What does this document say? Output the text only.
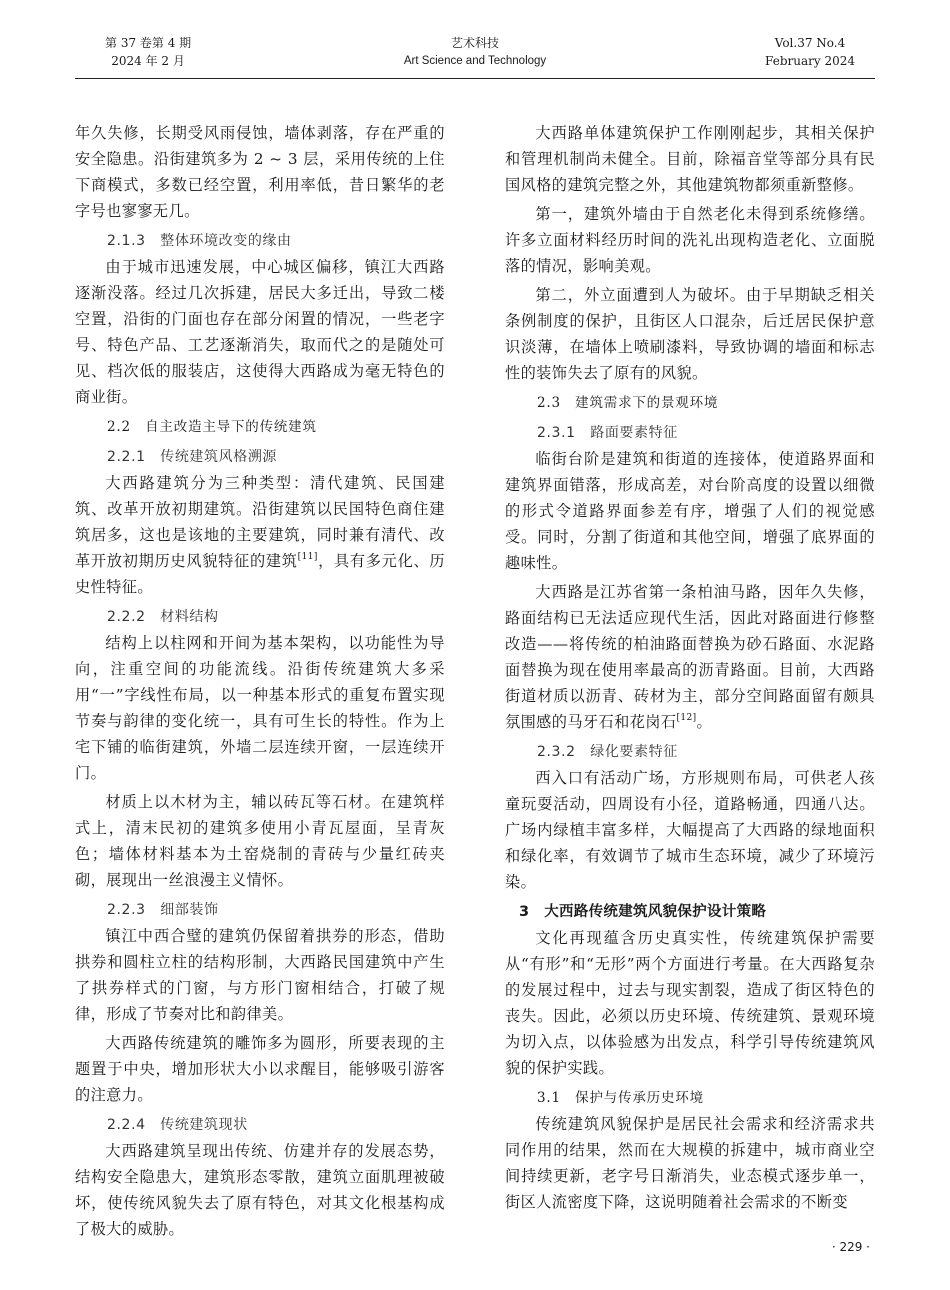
第 37 卷第 4 期
2024 年 2 月
艺术科技
Art Science and Technology
Vol.37 No.4
February 2024

年久失修，长期受风雨侵蚀，墙体剥落，存在严重的安全隐患。沿街建筑多为 2 ~ 3 层，采用传统的上住下商模式，多数已经空置，利用率低，昔日繁华的老字号也寥寥无几。

2.1.3　整体环境改变的缘由

由于城市迅速发展，中心城区偏移，镇江大西路逐渐没落。经过几次拆建，居民大多迁出，导致二楼空置，沿街的门面也存在部分闲置的情况，一些老字号、特色产品、工艺逐渐消失，取而代之的是随处可见、档次低的服装店，这使得大西路成为毫无特色的商业街。

2.2　自主改造主导下的传统建筑
2.2.1　传统建筑风格溯源

大西路建筑分为三种类型：清代建筑、民国建筑、改革开放初期建筑。沿街建筑以民国特色商住建筑居多，这也是该地的主要建筑，同时兼有清代、改革开放初期历史风貌特征的建筑[11]，具有多元化、历史性特征。

2.2.2　材料结构

结构上以柱网和开间为基本架构，以功能性为导向，注重空间的功能流线。沿街传统建筑大多采用“一”字线性布局，以一种基本形式的重复布置实现节奏与韵律的变化统一，具有可生长的特性。作为上宅下铺的临街建筑，外墙二层连续开窗，一层连续开门。

材质上以木材为主，辅以砖瓦等石材。在建筑样式上，清末民初的建筑多使用小青瓦屋面，呈青灰色；墙体材料基本为土窑烧制的青砖与少量红砖夹砌，展现出一丝浪漫主义情怀。

2.2.3　细部装饰

镇江中西合璧的建筑仍保留着拱券的形态，借助拱券和圆柱立柱的结构形制，大西路民国建筑中产生了拱券样式的门窗，与方形门窗相结合，打破了规律，形成了节奏对比和韵律美。

大西路传统建筑的雕饰多为圆形，所要表现的主题置于中央，增加形状大小以求醒目，能够吸引游客的注意力。

2.2.4　传统建筑现状

大西路建筑呈现出传统、仿建并存的发展态势，结构安全隐患大，建筑形态零散，建筑立面肌理被破坏，使传统风貌失去了原有特色，对其文化根基构成了极大的威胁。

大西路单体建筑保护工作刚刚起步，其相关保护和管理机制尚未健全。目前，除福音堂等部分具有民国风格的建筑完整之外，其他建筑物都须重新整修。

第一，建筑外墙由于自然老化未得到系统修缮。许多立面材料经历时间的洗礼出现构造老化、立面脱落的情况，影响美观。

第二，外立面遭到人为破坏。由于早期缺乏相关条例制度的保护，且街区人口混杂，后迁居民保护意识淡薄，在墙体上喷刷漆料，导致协调的墙面和标志性的装饰失去了原有的风貌。

2.3　建筑需求下的景观环境
2.3.1　路面要素特征

临街台阶是建筑和街道的连接体，使道路界面和建筑界面错落，形成高差，对台阶高度的设置以细微的形式令道路界面参差有序，增强了人们的视觉感受。同时，分割了街道和其他空间，增强了底界面的趣味性。

大西路是江苏省第一条柏油马路，因年久失修，路面结构已无法适应现代生活，因此对路面进行修整改造——将传统的柏油路面替换为砂石路面、水泥路面替换为现在使用率最高的沥青路面。目前，大西路街道材质以沥青、砖材为主，部分空间路面留有颇具氛围感的马牙石和花岗石[12]。

2.3.2　绿化要素特征

西入口有活动广场，方形规则布局，可供老人孩童玩耍活动，四周设有小径，道路畅通，四通八达。广场内绿植丰富多样，大幅提高了大西路的绿地面积和绿化率，有效调节了城市生态环境，减少了环境污染。

3　大西路传统建筑风貌保护设计策略

文化再现蕴含历史真实性，传统建筑保护需要从“有形”和“无形”两个方面进行考量。在大西路复杂的发展过程中，过去与现实割裂，造成了街区特色的丧失。因此，必须以历史环境、传统建筑、景观环境为切入点，以体验感为出发点，科学引导传统建筑风貌的保护实践。

3.1　保护与传承历史环境

传统建筑风貌保护是居民社会需求和经济需求共同作用的结果，然而在大规模的拆建中，城市商业空间持续更新，老字号日渐消失，业态模式逐步单一，街区人流密度下降，这说明随着社会需求的不断变

· 229 ·
